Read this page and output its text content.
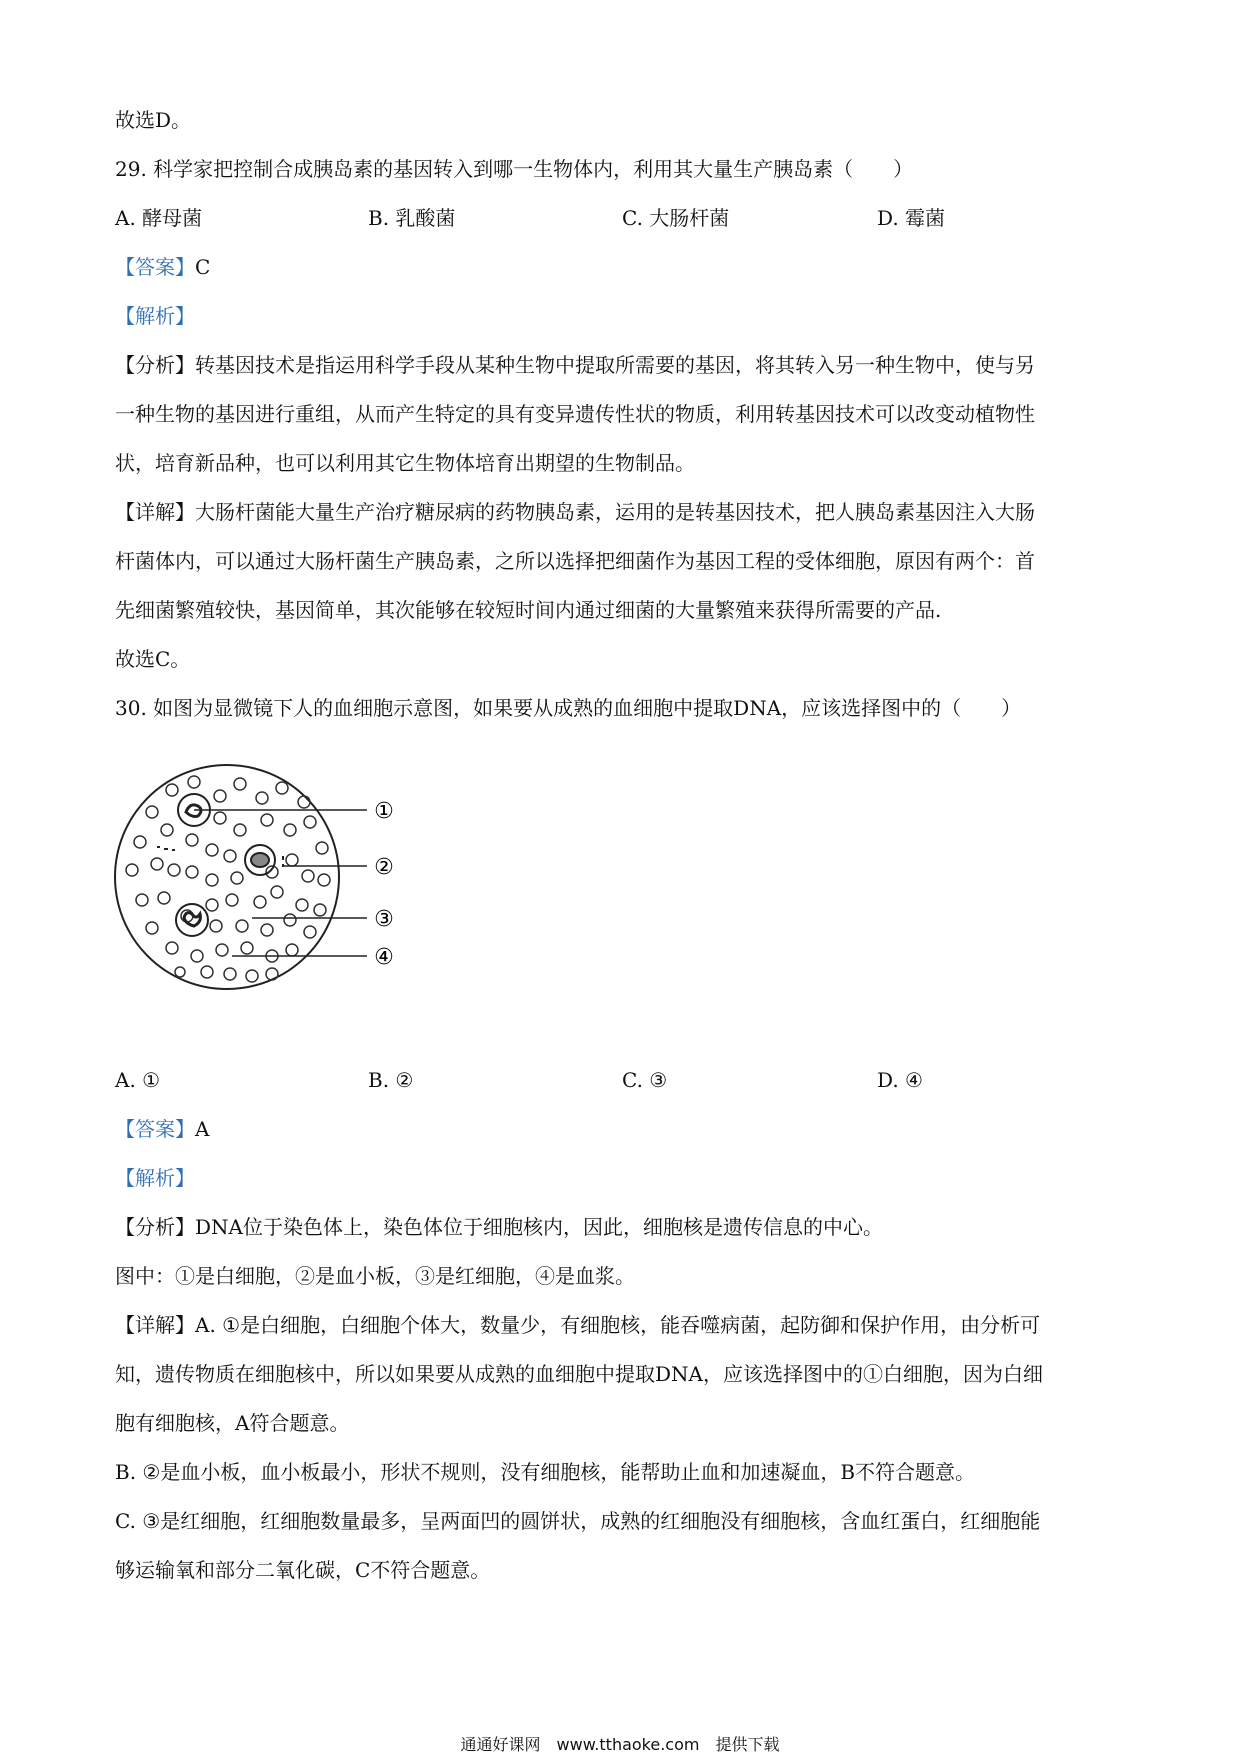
故选D。
29. 科学家把控制合成胰岛素的基因转入到哪一生物体内，利用其大量生产胰岛素（　　）
A. 酵母菌	B. 乳酸菌	C. 大肠杆菌	D. 霉菌
【答案】C
【解析】
【分析】转基因技术是指运用科学手段从某种生物中提取所需要的基因，将其转入另一种生物中，使与另
一种生物的基因进行重组，从而产生特定的具有变异遗传性状的物质，利用转基因技术可以改变动植物性
状，培育新品种，也可以利用其它生物体培育出期望的生物制品。
【详解】大肠杆菌能大量生产治疗糖尿病的药物胰岛素，运用的是转基因技术，把人胰岛素基因注入大肠
杆菌体内，可以通过大肠杆菌生产胰岛素，之所以选择把细菌作为基因工程的受体细胞，原因有两个：首
先细菌繁殖较快，基因简单，其次能够在较短时间内通过细菌的大量繁殖来获得所需要的产品.
故选C。
30. 如图为显微镜下人的血细胞示意图，如果要从成熟的血细胞中提取DNA，应该选择图中的（　　）
①
②
③
④
A. ①	B. ②	C. ③	D. ④
【答案】A
【解析】
【分析】DNA位于染色体上，染色体位于细胞核内，因此，细胞核是遗传信息的中心。
图中：①是白细胞，②是血小板，③是红细胞，④是血浆。
【详解】A. ①是白细胞，白细胞个体大，数量少，有细胞核，能吞噬病菌，起防御和保护作用，由分析可
知，遗传物质在细胞核中，所以如果要从成熟的血细胞中提取DNA，应该选择图中的①白细胞，因为白细
胞有细胞核，A符合题意。
B. ②是血小板，血小板最小，形状不规则，没有细胞核，能帮助止血和加速凝血，B不符合题意。
C. ③是红细胞，红细胞数量最多，呈两面凹的圆饼状，成熟的红细胞没有细胞核，含血红蛋白，红细胞能
够运输氧和部分二氧化碳，C不符合题意。
通通好课网　www.tthaoke.com　提供下载
